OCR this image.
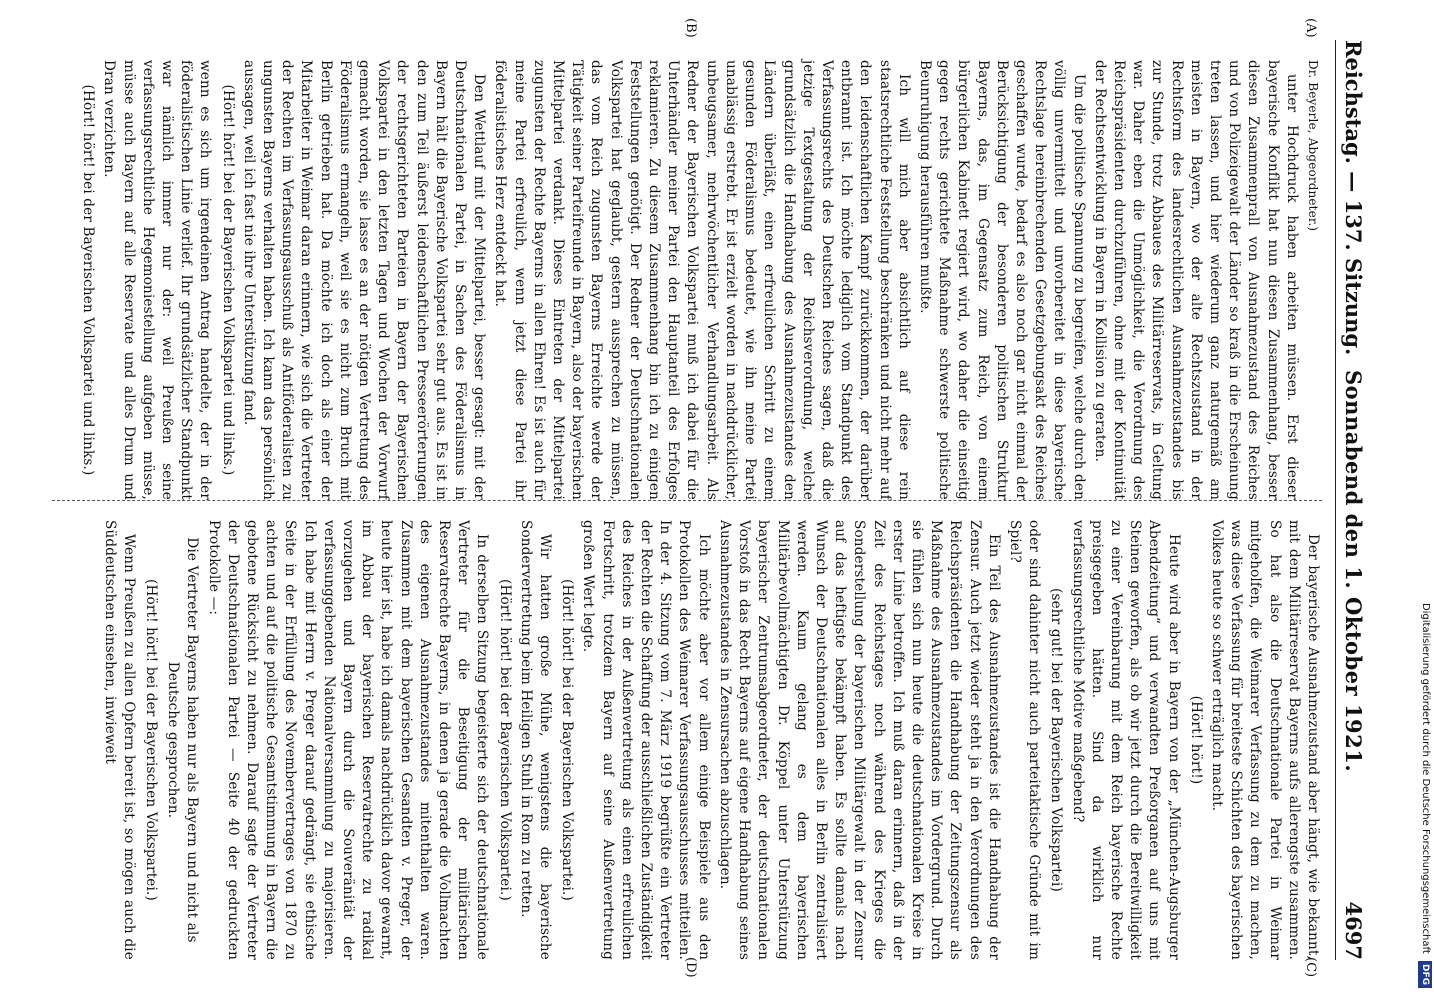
Reichstag. — 137. Sitzung.
Sonnabend den 1. Oktober 1921.
4697
(A)
(B)
(C)
(D)

Dr. Beyerle, Abgeordneter.)

unter Hochdruck haben arbeiten müssen. Erst dieser bayerische Konflikt hat nun diesen Zusammenhang, besser diesen Zusammenprall von Ausnahmezustand des Reiches und von Polizeigewalt der Länder so kraß in die Erscheinung treten lassen, und hier wiederum ganz naturgemäß am meisten in Bayern, wo der alte Rechtszustand in der Rechtsform des landesrechtlichen Ausnahmezustandes bis zur Stunde, trotz Abbaues des Militärreservats, in Geltung war. Daher eben die Unmöglichkeit, die Verordnung des Reichspräsidenten durchzuführen, ohne mit der Kontinuität der Rechtsentwicklung in Bayern in Kollision zu geraten.

Um die politische Spannung zu begreifen, welche durch den völlig unvermittelt und unvorbereitet in diese bayerische Rechtslage hereinbrechenden Gesetzgebungsakt des Reiches geschaffen wurde, bedarf es also noch gar nicht einmal der Berücksichtigung der besonderen politischen Struktur Bayerns, das, im Gegensatz zum Reich, von einem bürgerlichen Kabinett regiert wird, wo daher die einseitig gegen rechts gerichtete Maßnahme schwerste politische Beunruhigung herausführen mußte.

Ich will mich aber absichtlich auf diese rein staatsrechtliche Feststellung beschränken und nicht mehr auf den leidenschaftlichen Kampf zurückkommen, der darüber entbrannt ist. Ich möchte lediglich vom Standpunkt des Verfassungsrechts des Deutschen Reiches sagen, daß die jetzige Textgestaltung der Reichsverordnung, welche grundsätzlich die Handhabung des Ausnahmezustandes den Ländern überläßt, einen erfreulichen Schritt zu einem gesunden Föderalismus bedeutet, wie ihn meine Partei unablässig erstrebt. Er ist erzielt worden in nachdrücklicher, unbeugsamer, mehrwöchentlicher Verhandlungsarbeit. Als Redner der Bayerischen Volkspartei muß ich dabei für die Unterhändler meiner Partei den Hauptanteil des Erfolges reklamieren. Zu diesem Zusammenhang bin ich zu einigen Feststellungen genötigt. Der Redner der Deutschnationalen Volkspartei hat geglaubt, gestern aussprechen zu müssen, das vom Reich zugunsten Bayerns Erreichte werde der Tätigkeit seiner Parteifreunde in Bayern, also der bayerischen Mittelpartei verdankt. Dieses Eintreten der Mittelpartei zugunsten der Rechte Bayerns in allen Ehren! Es ist auch für meine Partei erfreulich, wenn jetzt diese Partei ihr föderalistisches Herz entdeckt hat.

Den Wettlauf mit der Mittelpartei, besser gesagt: mit der Deutschnationalen Partei, in Sachen des Föderalismus in Bayern hält die Bayerische Volkspartei sehr gut aus. Es ist in den zum Teil äußerst leidenschaftlichen Presseerörterungen der rechtsgerichteten Parteien in Bayern der Bayerischen Volkspartei in den letzten Tagen und Wochen der Vorwurf gemacht worden, sie lasse es an der nötigen Vertretung des Föderalismus ermangeln, weil sie es nicht zum Bruch mit Berlin getrieben hat. Da möchte ich doch als einer der Mitarbeiter in Weimar daran erinnern, wie sich die Vertreter der Rechten im Verfassungsausschuß als Antiföderalisten zu ungunsten Bayerns verhalten haben. Ich kann das persönlich aussagen, weil ich fast nie ihre Unterstützung fand.

(Hört! hört! bei der Bayerischen Volkspartei und links.)

wenn es sich um irgendeinen Antrag handelte, der in der föderalistischen Linie verlief. Ihr grundsätzlicher Standpunkt war nämlich immer nur der: weil Preußen seine verfassungsrechtliche Hegemoniestellung aufgeben müsse, müsse auch Bayern auf alle Reservate und alles Drum und Dran verzichten.

(Hört! hört! bei der Bayerischen Volkspartei und links.)

Der bayerische Ausnahmezustand aber hängt, wie bekannt, mit dem Militärreservat Bayerns aufs allerengste zusammen. So hat also die Deutschnationale Partei in Weimar mitgeholfen, die Weimarer Verfassung zu dem zu machen, was diese Verfassung für breiteste Schichten des bayerischen Volkes heute so schwer erträglich macht.

(Hört! hört!)

Heute wird aber in Bayern von der „München-Augsburger Abendzeitung“ und verwandten Preßorganen auf uns mit Steinen geworfen, als ob wir jetzt durch die Bereitwilligkeit zu einer Vereinbarung mit dem Reich bayerische Rechte preisgegeben hätten. Sind da wirklich nur verfassungsrechtliche Motive maßgebend?

(sehr gut! bei der Bayerischen Volkspartei)

oder sind dahinter nicht auch parteitaktische Gründe mit im Spiel?

Ein Teil des Ausnahmezustandes ist die Handhabung der Zensur. Auch jetzt wieder steht ja in den Verordnungen des Reichspräsidenten die Handhabung der Zeitungszensur als Maßnahme des Ausnahmezustandes im Vordergrund. Durch sie fühlen sich nun heute die deutschnationalen Kreise in erster Linie betroffen. Ich muß daran erinnern, daß in der Zeit des Reichstages noch während des Krieges die Sonderstellung der bayerischen Militärgewalt in der Zensur auf das heftigste bekämpft haben. Es sollte damals nach Wunsch der Deutschnationalen alles in Berlin zentralisiert werden. Kaum gelang es dem bayerischen Militärbevollmächtigten Dr. Köppel unter Unterstützung bayerischer Zentrumsabgeordneter, der deutschnationalen Vorstoß in das Recht Bayerns auf eigene Handhabung seines Ausnahmezustandes in Zensursachen abzuschlagen.

Ich möchte aber vor allem einige Beispiele aus den Protokollen des Weimarer Verfassungsausschusses mitteilen. In der 4. Sitzung vom 7. März 1919 begrüßte ein Vertreter der Rechten die Schaffung der ausschließlichen Zuständigkeit des Reiches in der Außenvertretung als einen erfreulichen Fortschritt, trotzdem Bayern auf seine Außenvertretung großen Wert legte.

(Hört! hört! bei der Bayerischen Volkspartei.)

Wir hatten große Mühe, wenigstens die bayerische Sondervertretung beim Heiligen Stuhl in Rom zu retten.

(Hört! hört! bei der Bayerischen Volkspartei.)

In derselben Sitzung begeisterte sich der deutschnationale Vertreter für die Beseitigung der militärischen Reservatrechte Bayerns, in denen ja gerade die Vollmachten des eigenen Ausnahmezustandes mitenthalten waren. Zusammen mit dem bayerischen Gesandten v. Preger, der heute hier ist, habe ich damals nachdrücklich davor gewarnt, im Abbau der bayerischen Reservatrechte zu radikal vorzugehen und Bayern durch die Souveränität der verfassunggebenden Nationalversammlung zu majorisieren. Ich habe mit Herrn v. Preger darauf gedrängt, sie ethische Seite in der Erfüllung des Novembervertrages von 1870 zu achten und auf die politische Gesamtstimmung in Bayern die gebotene Rücksicht zu nehmen. Darauf sagte der Vertreter der Deutschnationalen Partei — Seite 40 der gedruckten Protokolle —:

Die Vertreter Bayerns haben nur als Bayern und nicht als Deutsche gesprochen.

(Hört! hört! bei der Bayerischen Volkspartei.)

Wenn Preußen zu allen Opfern bereit ist, so mögen auch die Süddeutschen einsehen, inwieweit	Digitalisierung gefördert durch die Deutsche Forschungsgemeinschaft DFG
